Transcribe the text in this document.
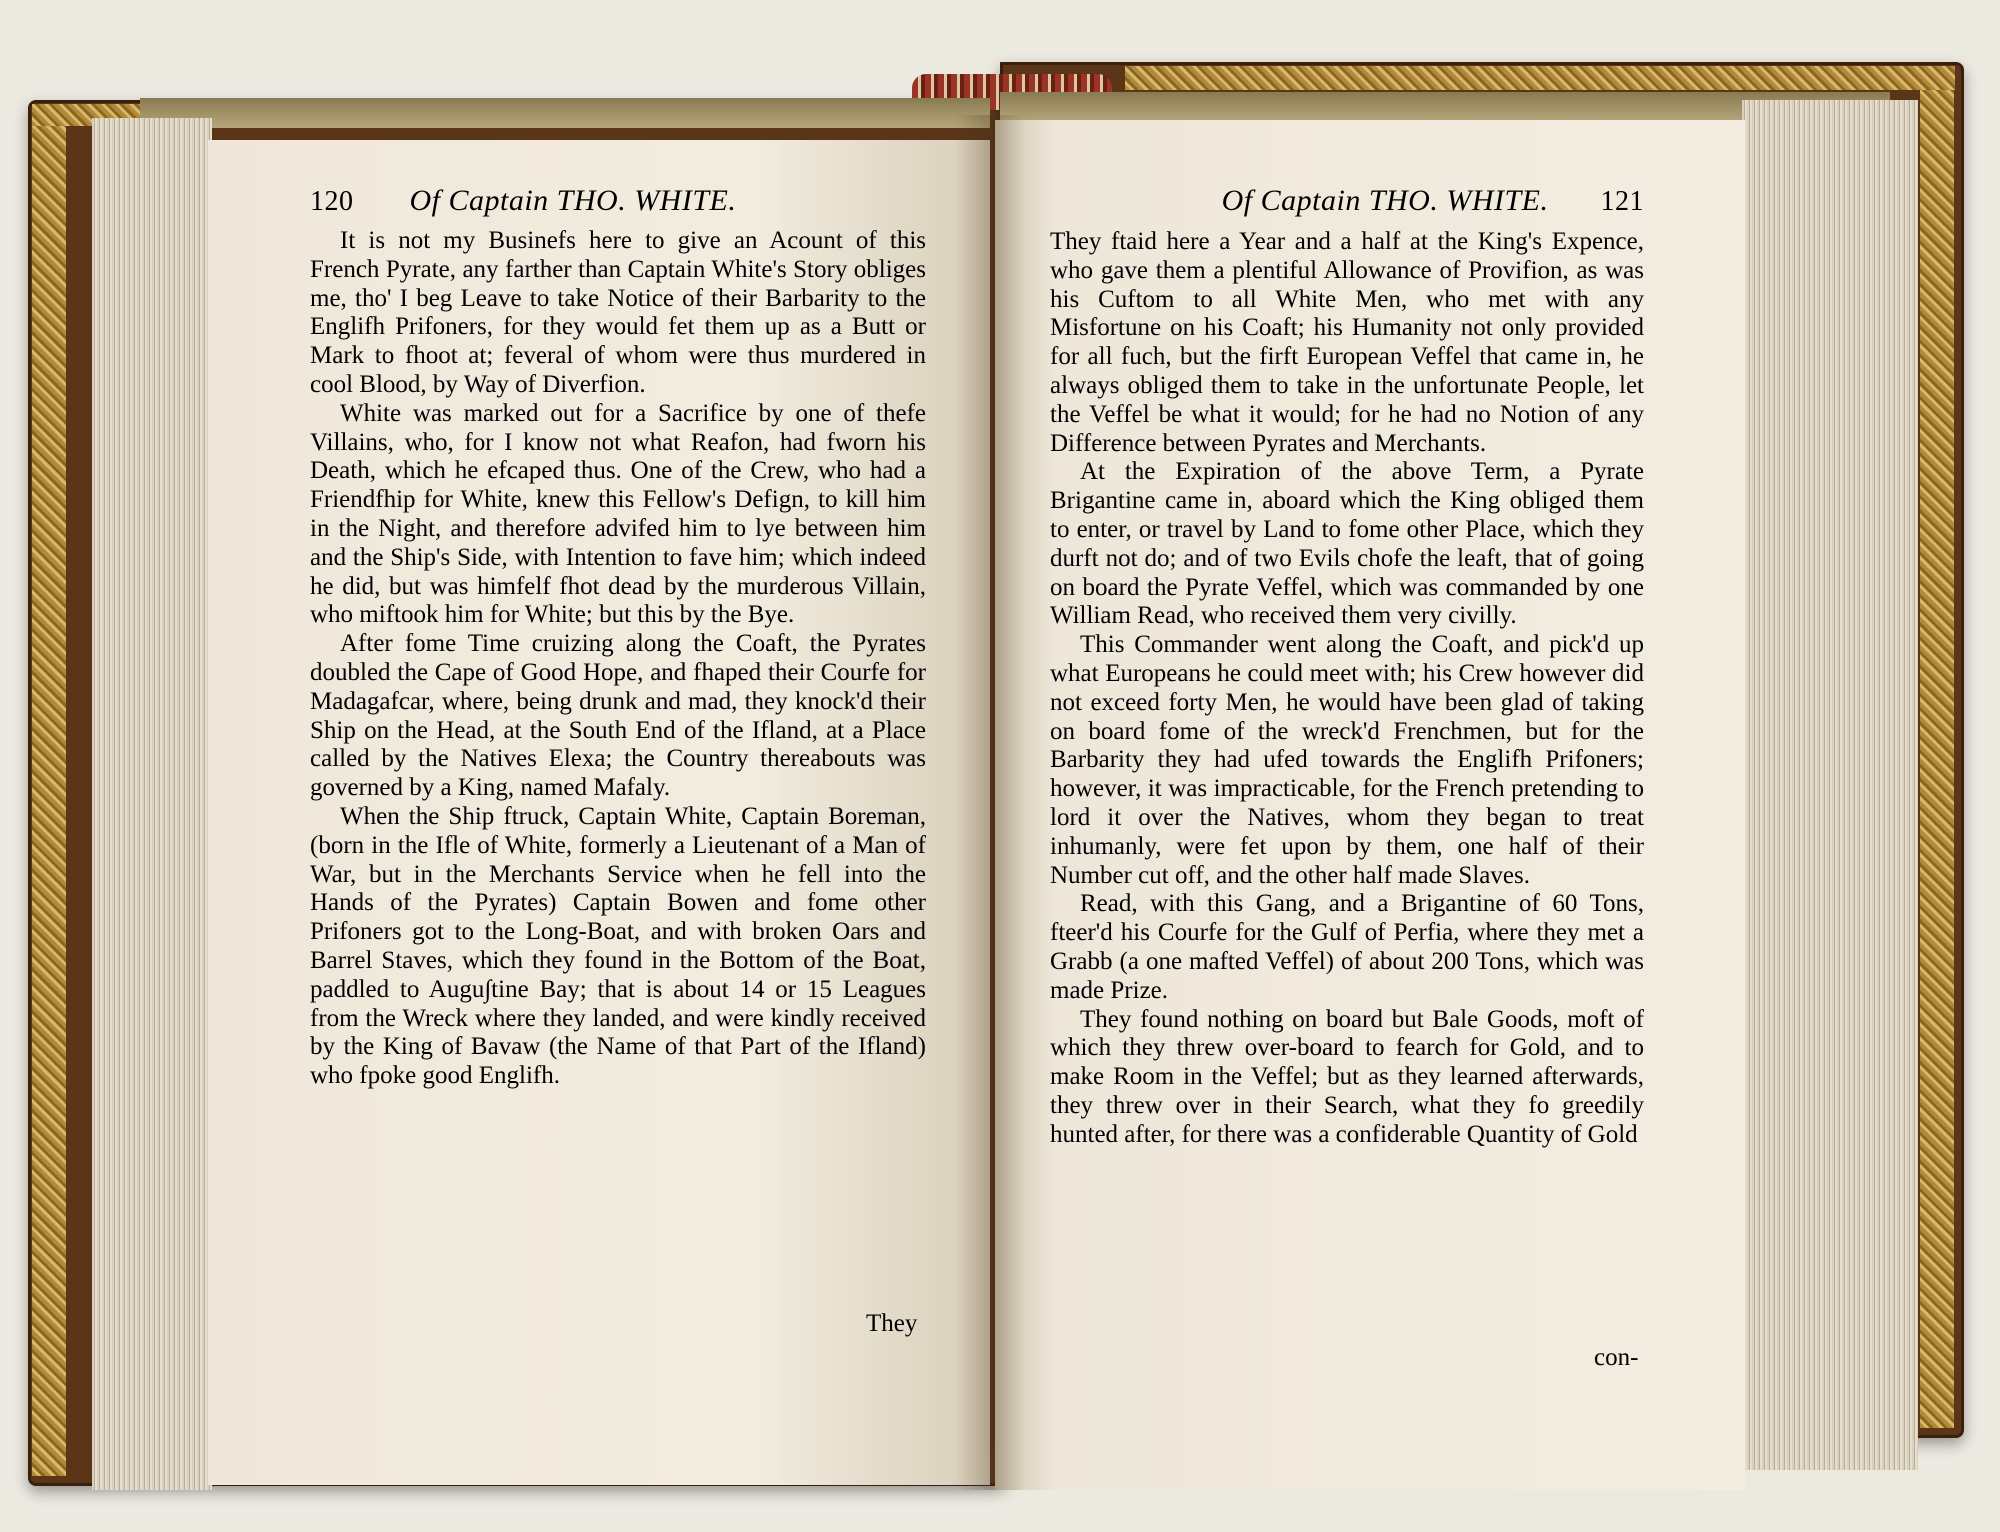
120 Of Captain THO. WHITE.

It is not my Businefs here to give an Acount of this French Pyrate, any farther than Captain White's Story obliges me, tho' I beg Leave to take Notice of their Barbarity to the Englifh Prifoners, for they would fet them up as a Butt or Mark to fhoot at; feveral of whom were thus murdered in cool Blood, by Way of Diverfion.

White was marked out for a Sacrifice by one of thefe Villains, who, for I know not what Reafon, had fworn his Death, which he efcaped thus. One of the Crew, who had a Friendfhip for White, knew this Fellow's Defign, to kill him in the Night, and therefore advifed him to lye between him and the Ship's Side, with Intention to fave him; which indeed he did, but was himfelf fhot dead by the murderous Villain, who miftook him for White; but this by the Bye.

After fome Time cruizing along the Coaft, the Pyrates doubled the Cape of Good Hope, and fhaped their Courfe for Madagafcar, where, being drunk and mad, they knock'd their Ship on the Head, at the South End of the Ifland, at a Place called by the Natives Elexa; the Country thereabouts was governed by a King, named Mafaly.

When the Ship ftruck, Captain White, Captain Boreman, (born in the Ifle of White, formerly a Lieutenant of a Man of War, but in the Merchants Service when he fell into the Hands of the Pyrates) Captain Bowen and fome other Prifoners got to the Long-Boat, and with broken Oars and Barrel Staves, which they found in the Bottom of the Boat, paddled to Augu∫tine Bay; that is about 14 or 15 Leagues from the Wreck where they landed, and were kindly received by the King of Bavaw (the Name of that Part of the Ifland) who fpoke good Englifh.

They
Of Captain THO. WHITE. 121

They ftaid here a Year and a half at the King's Expence, who gave them a plentiful Allowance of Provifion, as was his Cuftom to all White Men, who met with any Misfortune on his Coaft; his Humanity not only provided for all fuch, but the firft European Veffel that came in, he always obliged them to take in the unfortunate People, let the Veffel be what it would; for he had no Notion of any Difference between Pyrates and Merchants.

At the Expiration of the above Term, a Pyrate Brigantine came in, aboard which the King obliged them to enter, or travel by Land to fome other Place, which they durft not do; and of two Evils chofe the leaft, that of going on board the Pyrate Veffel, which was commanded by one William Read, who received them very civilly.

This Commander went along the Coaft, and pick'd up what Europeans he could meet with; his Crew however did not exceed forty Men, he would have been glad of taking on board fome of the wreck'd Frenchmen, but for the Barbarity they had ufed towards the Englifh Prifoners; however, it was impracticable, for the French pretending to lord it over the Natives, whom they began to treat inhumanly, were fet upon by them, one half of their Number cut off, and the other half made Slaves.

Read, with this Gang, and a Brigantine of 60 Tons, fteer'd his Courfe for the Gulf of Perfia, where they met a Grabb (a one mafted Veffel) of about 200 Tons, which was made Prize.

They found nothing on board but Bale Goods, moft of which they threw over-board to fearch for Gold, and to make Room in the Veffel; but as they learned afterwards, they threw over in their Search, what they fo greedily hunted after, for there was a confiderable Quantity of Gold

con-
